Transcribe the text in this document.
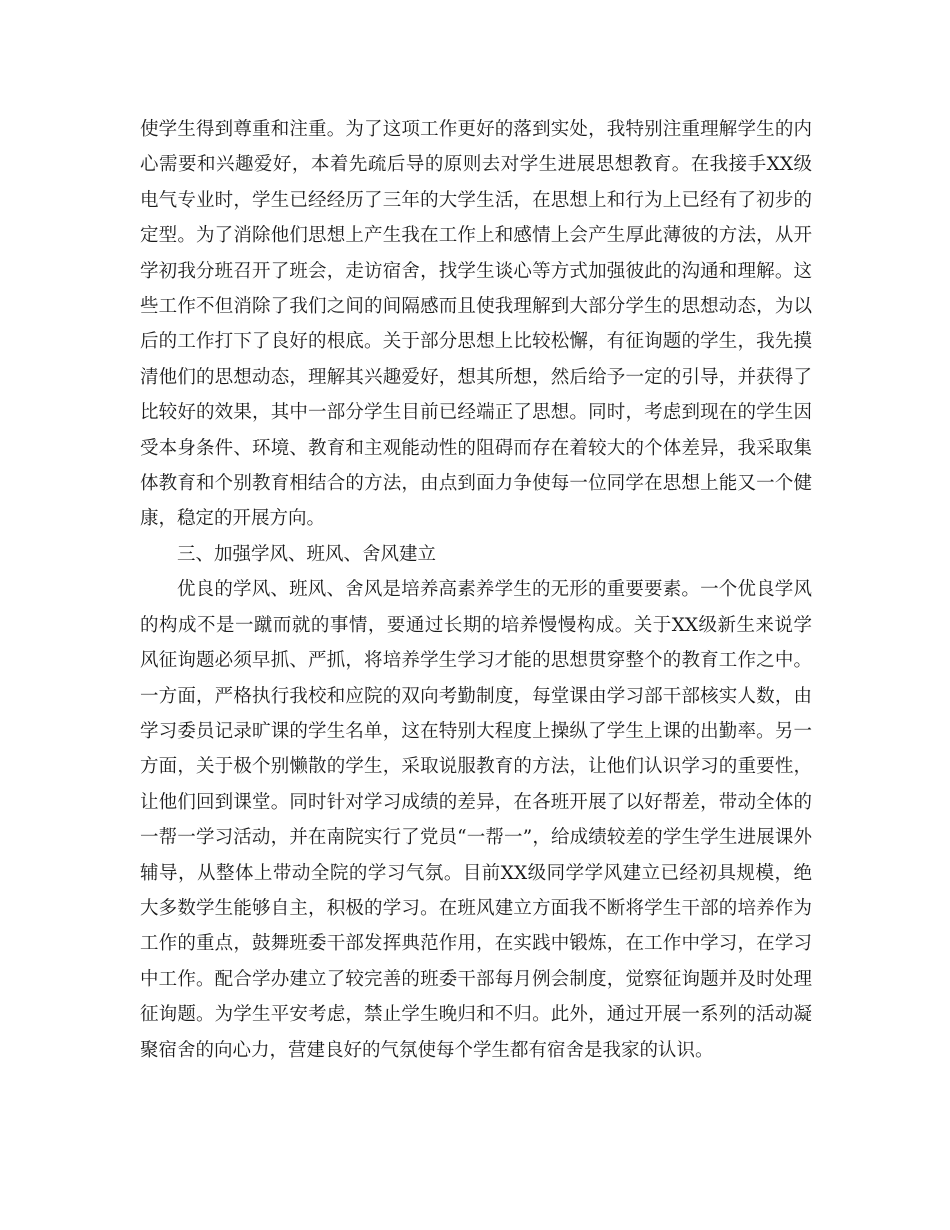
使学生得到尊重和注重。为了这项工作更好的落到实处，我特别注重理解学生的内心需要和兴趣爱好，本着先疏后导的原则去对学生进展思想教育。在我接手XX级电气专业时，学生已经经历了三年的大学生活，在思想上和行为上已经有了初步的定型。为了消除他们思想上产生我在工作上和感情上会产生厚此薄彼的方法，从开学初我分班召开了班会，走访宿舍，找学生谈心等方式加强彼此的沟通和理解。这些工作不但消除了我们之间的间隔感而且使我理解到大部分学生的思想动态，为以后的工作打下了良好的根底。关于部分思想上比较松懈，有征询题的学生，我先摸清他们的思想动态，理解其兴趣爱好，想其所想，然后给予一定的引导，并获得了比较好的效果，其中一部分学生目前已经端正了思想。同时，考虑到现在的学生因受本身条件、环境、教育和主观能动性的阻碍而存在着较大的个体差异，我采取集体教育和个别教育相结合的方法，由点到面力争使每一位同学在思想上能又一个健康，稳定的开展方向。

三、加强学风、班风、舍风建立

优良的学风、班风、舍风是培养高素养学生的无形的重要要素。一个优良学风的构成不是一蹴而就的事情，要通过长期的培养慢慢构成。关于XX级新生来说学风征询题必须早抓、严抓，将培养学生学习才能的思想贯穿整个的教育工作之中。一方面，严格执行我校和应院的双向考勤制度，每堂课由学习部干部核实人数，由学习委员记录旷课的学生名单，这在特别大程度上操纵了学生上课的出勤率。另一方面，关于极个别懒散的学生，采取说服教育的方法，让他们认识学习的重要性，让他们回到课堂。同时针对学习成绩的差异，在各班开展了以好帮差，带动全体的一帮一学习活动，并在南院实行了党员“一帮一”，给成绩较差的学生学生进展课外辅导，从整体上带动全院的学习气氛。目前XX级同学学风建立已经初具规模，绝大多数学生能够自主，积极的学习。在班风建立方面我不断将学生干部的培养作为工作的重点，鼓舞班委干部发挥典范作用，在实践中锻炼，在工作中学习，在学习中工作。配合学办建立了较完善的班委干部每月例会制度，觉察征询题并及时处理征询题。为学生平安考虑，禁止学生晚归和不归。此外，通过开展一系列的活动凝聚宿舍的向心力，营建良好的气氛使每个学生都有宿舍是我家的认识。
